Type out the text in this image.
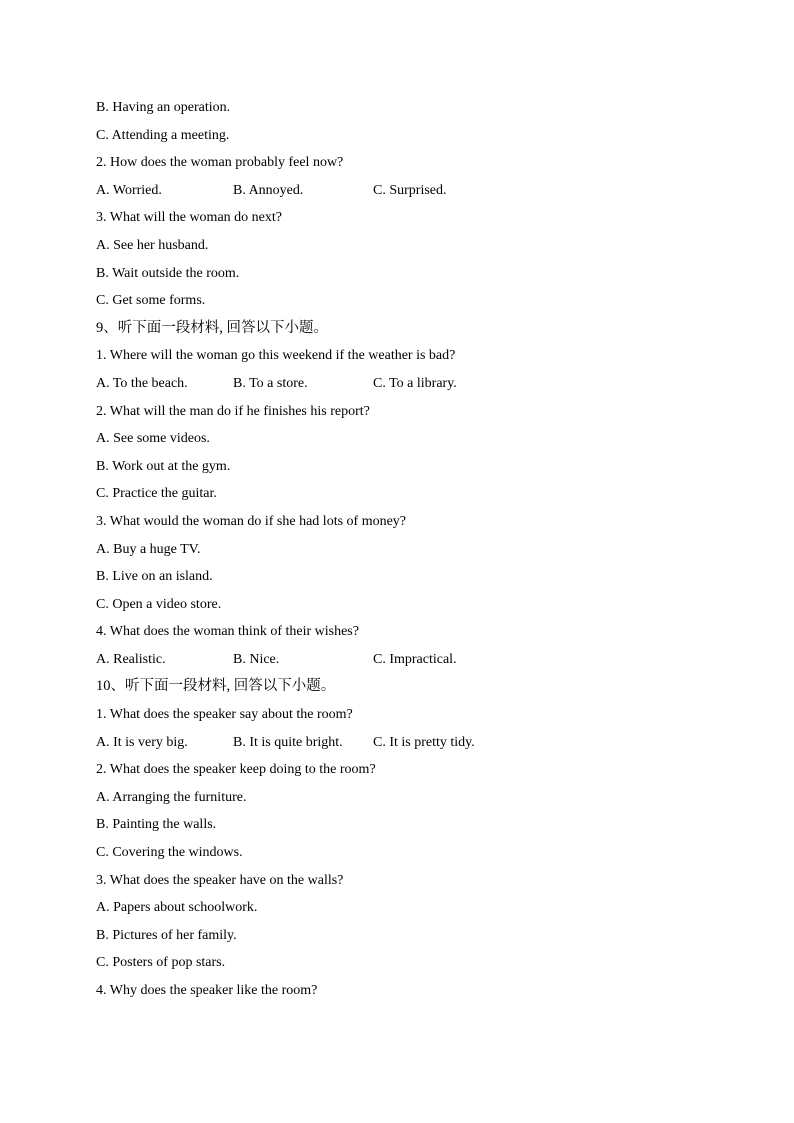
B. Having an operation.
C. Attending a meeting.
2. How does the woman probably feel now?
A. Worried.	B. Annoyed.	C. Surprised.
3. What will the woman do next?
A. See her husband.
B. Wait outside the room.
C. Get some forms.
9、听下面一段材料, 回答以下小题。
1. Where will the woman go this weekend if the weather is bad?
A. To the beach.	B. To a store.	C. To a library.
2. What will the man do if he finishes his report?
A. See some videos.
B. Work out at the gym.
C. Practice the guitar.
3. What would the woman do if she had lots of money?
A. Buy a huge TV.
B. Live on an island.
C. Open a video store.
4. What does the woman think of their wishes?
A. Realistic.	B. Nice.	C. Impractical.
10、听下面一段材料, 回答以下小题。
1. What does the speaker say about the room?
A. It is very big.	B. It is quite bright. C. It is pretty tidy.
2. What does the speaker keep doing to the room?
A. Arranging the furniture.
B. Painting the walls.
C. Covering the windows.
3. What does the speaker have on the walls?
A. Papers about schoolwork.
B. Pictures of her family.
C. Posters of pop stars.
4. Why does the speaker like the room?
